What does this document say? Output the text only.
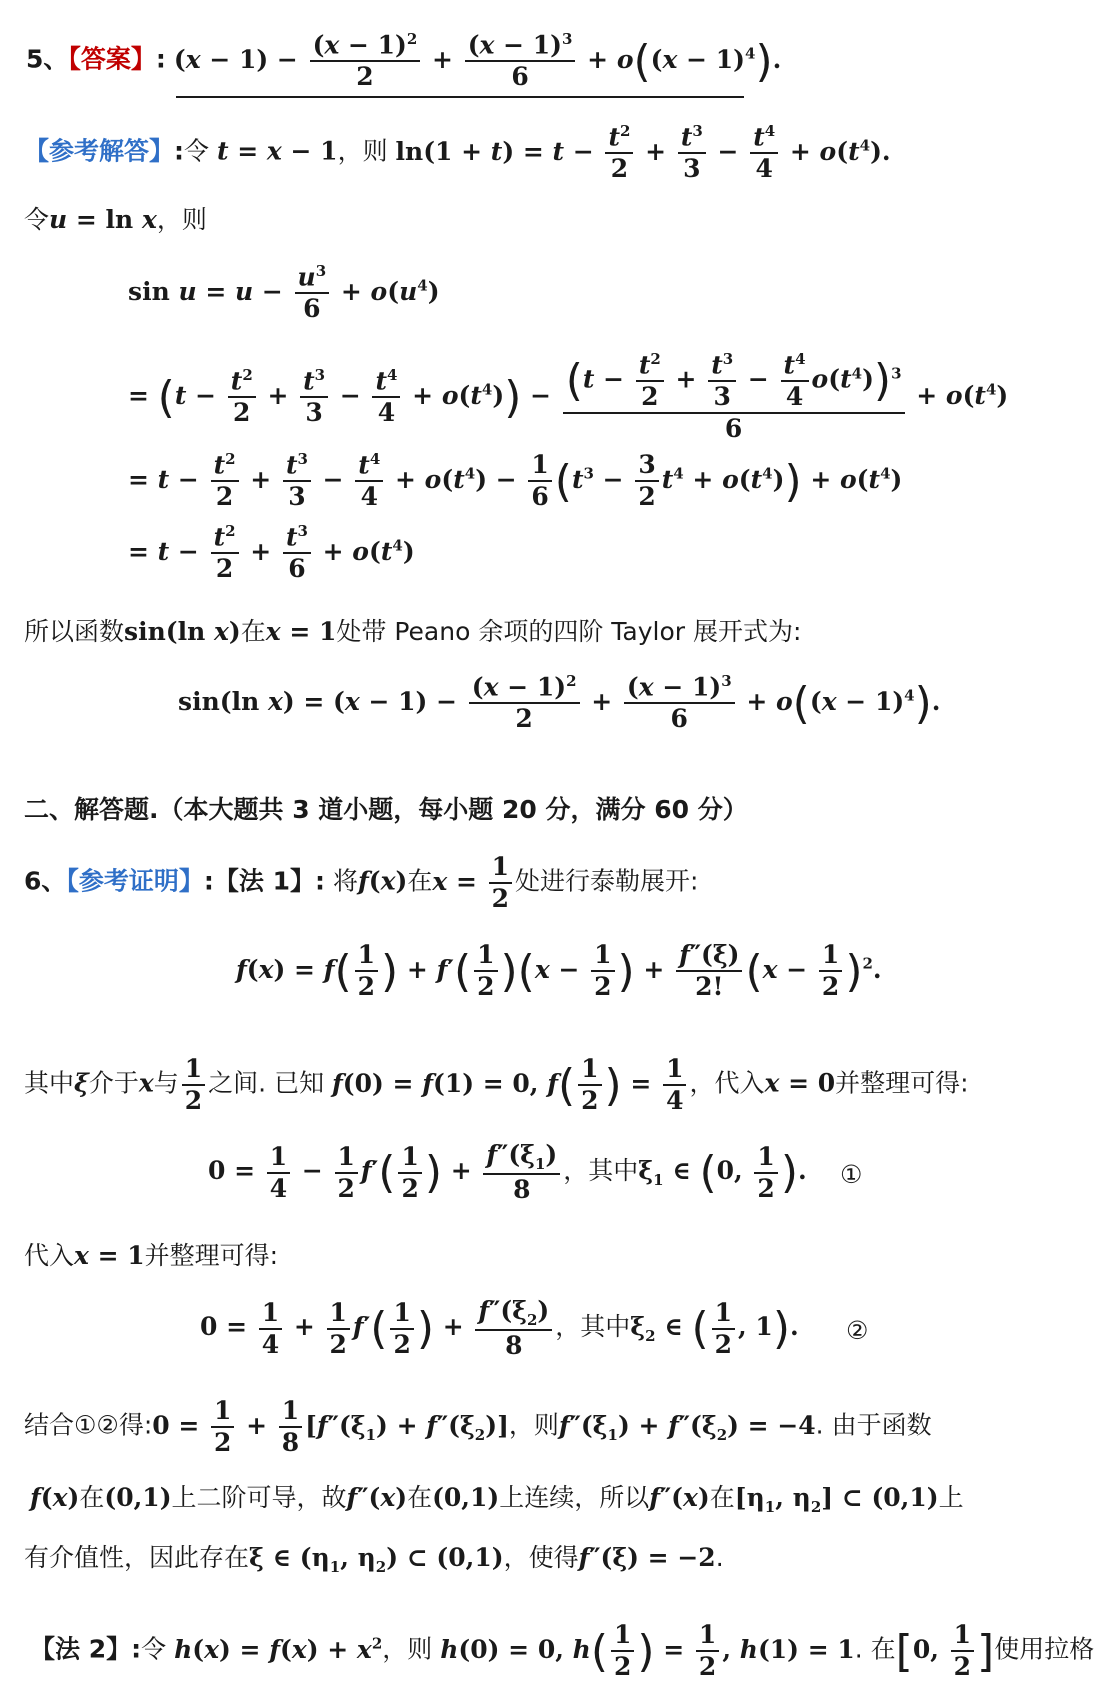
5、【答案】: $(x - 1) - \frac{(x - 1)^2}{2} + \frac{(x - 1)^3}{6} + o((x - 1)^4)$.
【参考解答】:令 t = x − 1，则 $\ln(1 + t) = t - \frac{t^2}{2} + \frac{t^3}{3} - \frac{t^4}{4} + o(t^4)$.
令u = ln x，则
$\sin u = u - \frac{u^3}{6} + o(u^4)$
= $(t - \frac{t^2}{2} + \frac{t^3}{3} - \frac{t^4}{4} + o(t^4)) - \frac{(t - \frac{t^2}{2} + \frac{t^3}{3} - \frac{t^4}{4} o(t^4))^3}{6} + o(t^4)$
= $t - \frac{t^2}{2} + \frac{t^3}{3} - \frac{t^4}{4} + o(t^4) - \frac{1}{6} (t^3 - \frac{3}{2} t^4 + o(t^4)) + o(t^4)$
= $t - \frac{t^2}{2} + \frac{t^3}{6} + o(t^4)$
所以函数sin(ln x)在x = 1处带 Peano 余项的四阶 Taylor 展开式为:
sin(ln $x) = (x - 1) - \frac{(x - 1)^2}{2} + \frac{(x - 1)^3}{6} + o((x - 1)^4)$.
二、解答题.（本大题共 3 道小题，每小题 20 分，满分 60 分）
6、【参考证明】:【法 1】: 将f(x)在$x = \frac{1}{2}$ 处进行泰勒展开:
$f(x) = f( \frac{1}{2}$ ) + $f'( \frac{1}{2} )(x - \frac{1}{2}$ ) + $\frac{f''(\xi)}{2!} (x - \frac{1}{2} )^2$.
其中ξ介于x与 $\frac{1}{2}$ 之间. 已知 f(0) = f(1) = 0, $f( \frac{1}{2}$ ) = $\frac{1}{4}$ ，代入x = 0并整理可得:
$0 = \frac{1}{4} - \frac{1}{2} f'( \frac{1}{2}$ ) + $\frac{f''(\xi_1)}{8}$ ，其中$\xi_1$ ∈ (0, $\frac{1}{2}$ ).	①
代入x = 1并整理可得:
$0 = \frac{1}{4} + \frac{1}{2} f'( \frac{1}{2}$ ) + $\frac{f''(\xi_2)}{8}$ ，其中$\xi_2$ ∈ ( $\frac{1}{2}$ , 1).	②
结合①②得:0 = $\frac{1}{2} + \frac{1}{8} [f''(\xi_1) + f''(\xi_2)]$，则$f''(\xi_1) + f''(\xi_2) = -4$. 由于函数
f(x)在(0,1)上二阶可导，故f″(x)在(0,1)上连续，所以f″(x)在[$\eta_1$, $\eta_2$] ⊂ (0,1)上
有介值性，因此存在ξ ∈ ($\eta_1$, $\eta_2$) ⊂ (0,1)，使得f″(ξ) = −2.
【法 2】:令 $h(x) = f(x) + x^2$，则 h(0) = 0, $h( \frac{1}{2}$ ) = $\frac{1}{2}$ , h(1) = 1. 在[0, $\frac{1}{2}$ ]使用拉格
